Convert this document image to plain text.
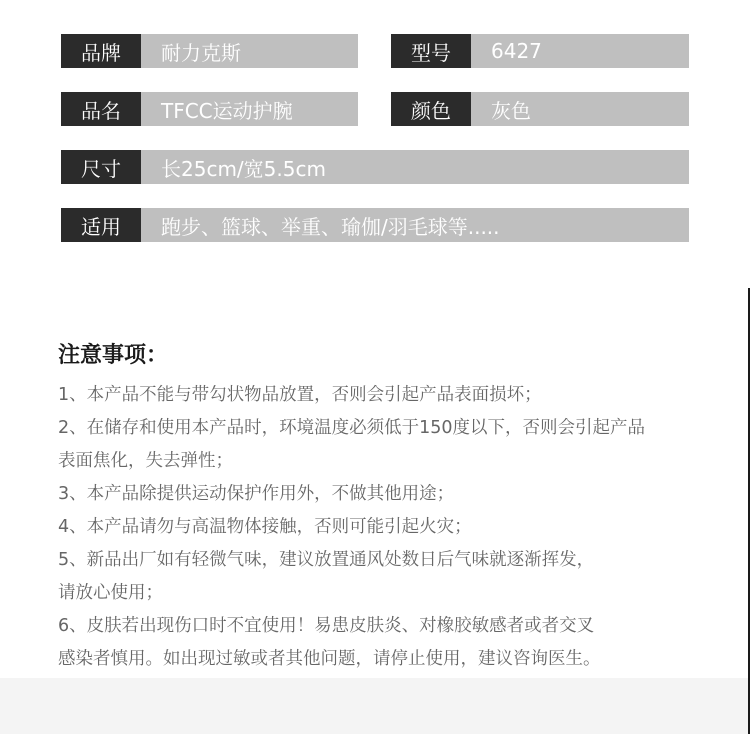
品牌	耐力克斯	型号	6427
品名	TFCC运动护腕	颜色	灰色
尺寸	长25cm/宽5.5cm
适用	跑步、篮球、举重、瑜伽/羽毛球等.....
注意事项：
1、本产品不能与带勾状物品放置，否则会引起产品表面损坏；
2、在储存和使用本产品时，环境温度必须低于150度以下，否则会引起产品
表面焦化，失去弹性；
3、本产品除提供运动保护作用外，不做其他用途；
4、本产品请勿与高温物体接触，否则可能引起火灾；
5、新品出厂如有轻微气味，建议放置通风处数日后气味就逐渐挥发，
请放心使用；
6、皮肤若出现伤口时不宜使用！易患皮肤炎、对橡胶敏感者或者交叉
感染者慎用。如出现过敏或者其他问题，请停止使用，建议咨询医生。
